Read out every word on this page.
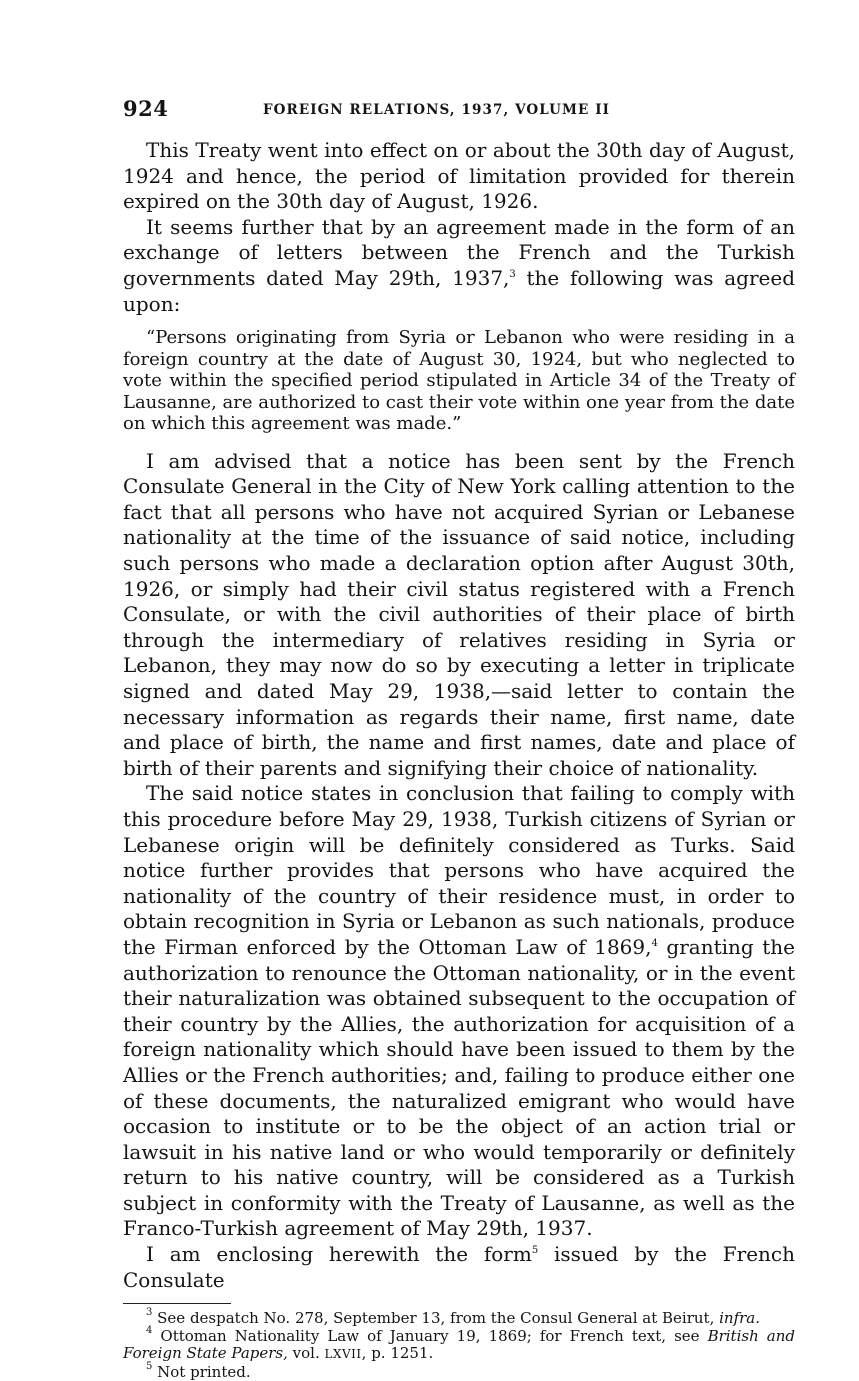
924	FOREIGN RELATIONS, 1937, VOLUME II

This Treaty went into effect on or about the 30th day of August, 1924 and hence, the period of limitation provided for therein expired on the 30th day of August, 1926.

It seems further that by an agreement made in the form of an exchange of letters between the French and the Turkish governments dated May 29th, 1937,$^3$ the following was agreed upon:

“Persons originating from Syria or Lebanon who were residing in a foreign country at the date of August 30, 1924, but who neglected to vote within the specified period stipulated in Article 34 of the Treaty of Lausanne, are authorized to cast their vote within one year from the date on which this agreement was made.”

I am advised that a notice has been sent by the French Consulate General in the City of New York calling attention to the fact that all persons who have not acquired Syrian or Lebanese nationality at the time of the issuance of said notice, including such persons who made a declaration option after August 30th, 1926, or simply had their civil status registered with a French Consulate, or with the civil authorities of their place of birth through the intermediary of relatives residing in Syria or Lebanon, they may now do so by executing a letter in triplicate signed and dated May 29, 1938,—said letter to contain the necessary information as regards their name, first name, date and place of birth, the name and first names, date and place of birth of their parents and signifying their choice of nationality.

The said notice states in conclusion that failing to comply with this procedure before May 29, 1938, Turkish citizens of Syrian or Lebanese origin will be definitely considered as Turks. Said notice further provides that persons who have acquired the nationality of the country of their residence must, in order to obtain recognition in Syria or Lebanon as such nationals, produce the Firman enforced by the Ottoman Law of 1869,$^4$ granting the authorization to renounce the Ottoman nationality, or in the event their naturalization was obtained subsequent to the occupation of their country by the Allies, the authorization for acquisition of a foreign nationality which should have been issued to them by the Allies or the French authorities; and, failing to produce either one of these documents, the naturalized emigrant who would have occasion to institute or to be the object of an action trial or lawsuit in his native land or who would temporarily or definitely return to his native country, will be considered as a Turkish subject in conformity with the Treaty of Lausanne, as well as the Franco-Turkish agreement of May 29th, 1937.

I am enclosing herewith the form$^5$ issued by the French Consulate

$^3$ See despatch No. 278, September 13, from the Consul General at Beirut, infra.

$^4$ Ottoman Nationality Law of January 19, 1869; for French text, see British and Foreign State Papers, vol. LXVII, p. 1251.

$^5$ Not printed.
